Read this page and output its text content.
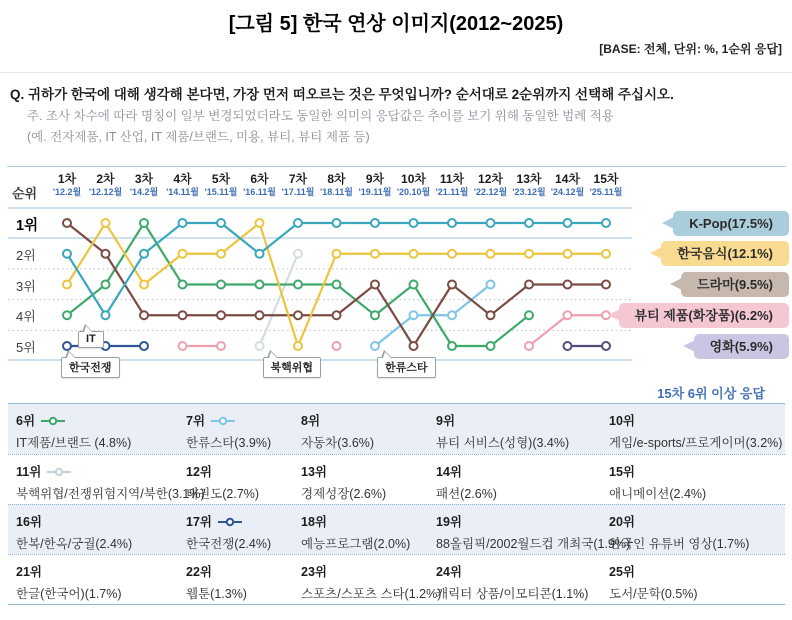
[그림 5] 한국 연상 이미지(2012~2025)
[BASE: 전체, 단위: %, 1순위 응답]
Q. 귀하가 한국에 대해 생각해 본다면, 가장 먼저 떠오르는 것은 무엇입니까? 순서대로 2순위까지 선택해 주십시오.
주. 조사 차수에 따라 명칭이 일부 변경되었더라도 동일한 의미의 응답값은 추이를 보기 위해 동일한 범례 적용
(예. 전자제품, IT 산업, IT 제품/브랜드, 미용, 뷰티, 뷰티 제품 등)
순위
1차
'12.2월
2차
'12.12월
3차
'14.2월
4차
'14.11월
5차
'15.11월
6차
'16.11월
7차
'17.11월
8차
'18.11월
9차
'19.11월
10차
'20.10월
11차
'21.11월
12차
'22.12월
13차
'23.12월
14차
'24.12월
15차
'25.11월
1위
2위
3위
4위
5위
IT
한국전쟁	북핵위협	한류스타
K-Pop(17.5%)
한국음식(12.1%)
드라마(9.5%)
뷰티 제품(화장품)(6.2%)
영화(5.9%)
15차 6위 이상 응답
6위
IT제품/브랜드 (4.8%)
7위
한류스타(3.9%)
8위
자동차(3.6%)
9위
뷰티 서비스(성형)(3.4%)
10위
게임/e-sports/프로게이머(3.2%)
11위
북핵위협/전쟁위험지역/북한(3.1%)
12위
태권도(2.7%)
13위
경제성장(2.6%)
14위
패션(2.6%)
15위
애니메이션(2.4%)
16위
한복/한옥/궁궐(2.4%)
17위
한국전쟁(2.4%)
18위
예능프로그램(2.0%)
19위
88올림픽/2002월드컵 개최국(1.9%)
20위
한국인 유튜버 영상(1.7%)
21위
한글(한국어)(1.7%)
22위
웹툰(1.3%)
23위
스포츠/스포츠 스타(1.2%)
24위
캐릭터 상품/이모티콘(1.1%)
25위
도서/문학(0.5%)
